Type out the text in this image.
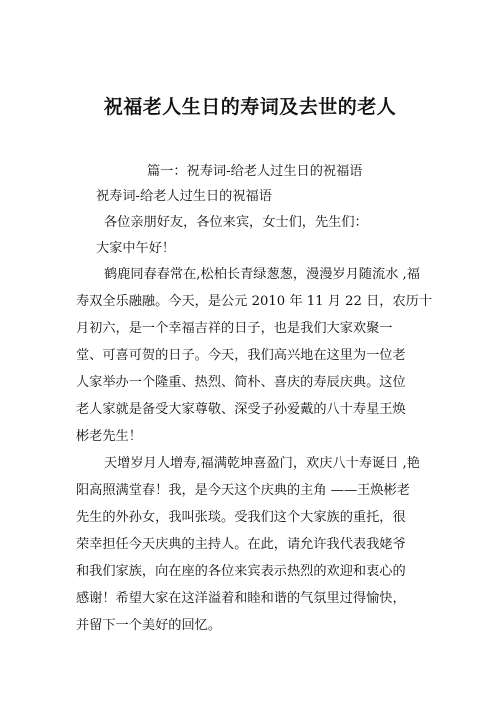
祝福老人生日的寿词及去世的老人
篇一：祝寿词-给老人过生日的祝福语
祝寿词-给老人过生日的祝福语
各位亲朋好友，各位来宾，女士们，先生们：
大家中午好！
鹤鹿同春春常在,松柏长青绿葱葱，漫漫岁月随流水 ,福
寿双全乐融融。今天，是公元 2010 年 11 月 22 日，农历十
月初六，是一个幸福吉祥的日子，也是我们大家欢聚一
堂、可喜可贺的日子。今天，我们高兴地在这里为一位老
人家举办一个隆重、热烈、简朴、喜庆的寿辰庆典。这位
老人家就是备受大家尊敬、深受子孙爱戴的八十寿星王焕
彬老先生！
天增岁月人增寿,福满乾坤喜盈门，欢庆八十寿诞日 ,艳
阳高照满堂春！我，是今天这个庆典的主角 ——王焕彬老
先生的外孙女，我叫张琰。受我们这个大家族的重托，很
荣幸担任今天庆典的主持人。在此，请允许我代表我姥爷
和我们家族，向在座的各位来宾表示热烈的欢迎和衷心的
感谢！希望大家在这洋溢着和睦和谐的气氛里过得愉快，
并留下一个美好的回忆。
